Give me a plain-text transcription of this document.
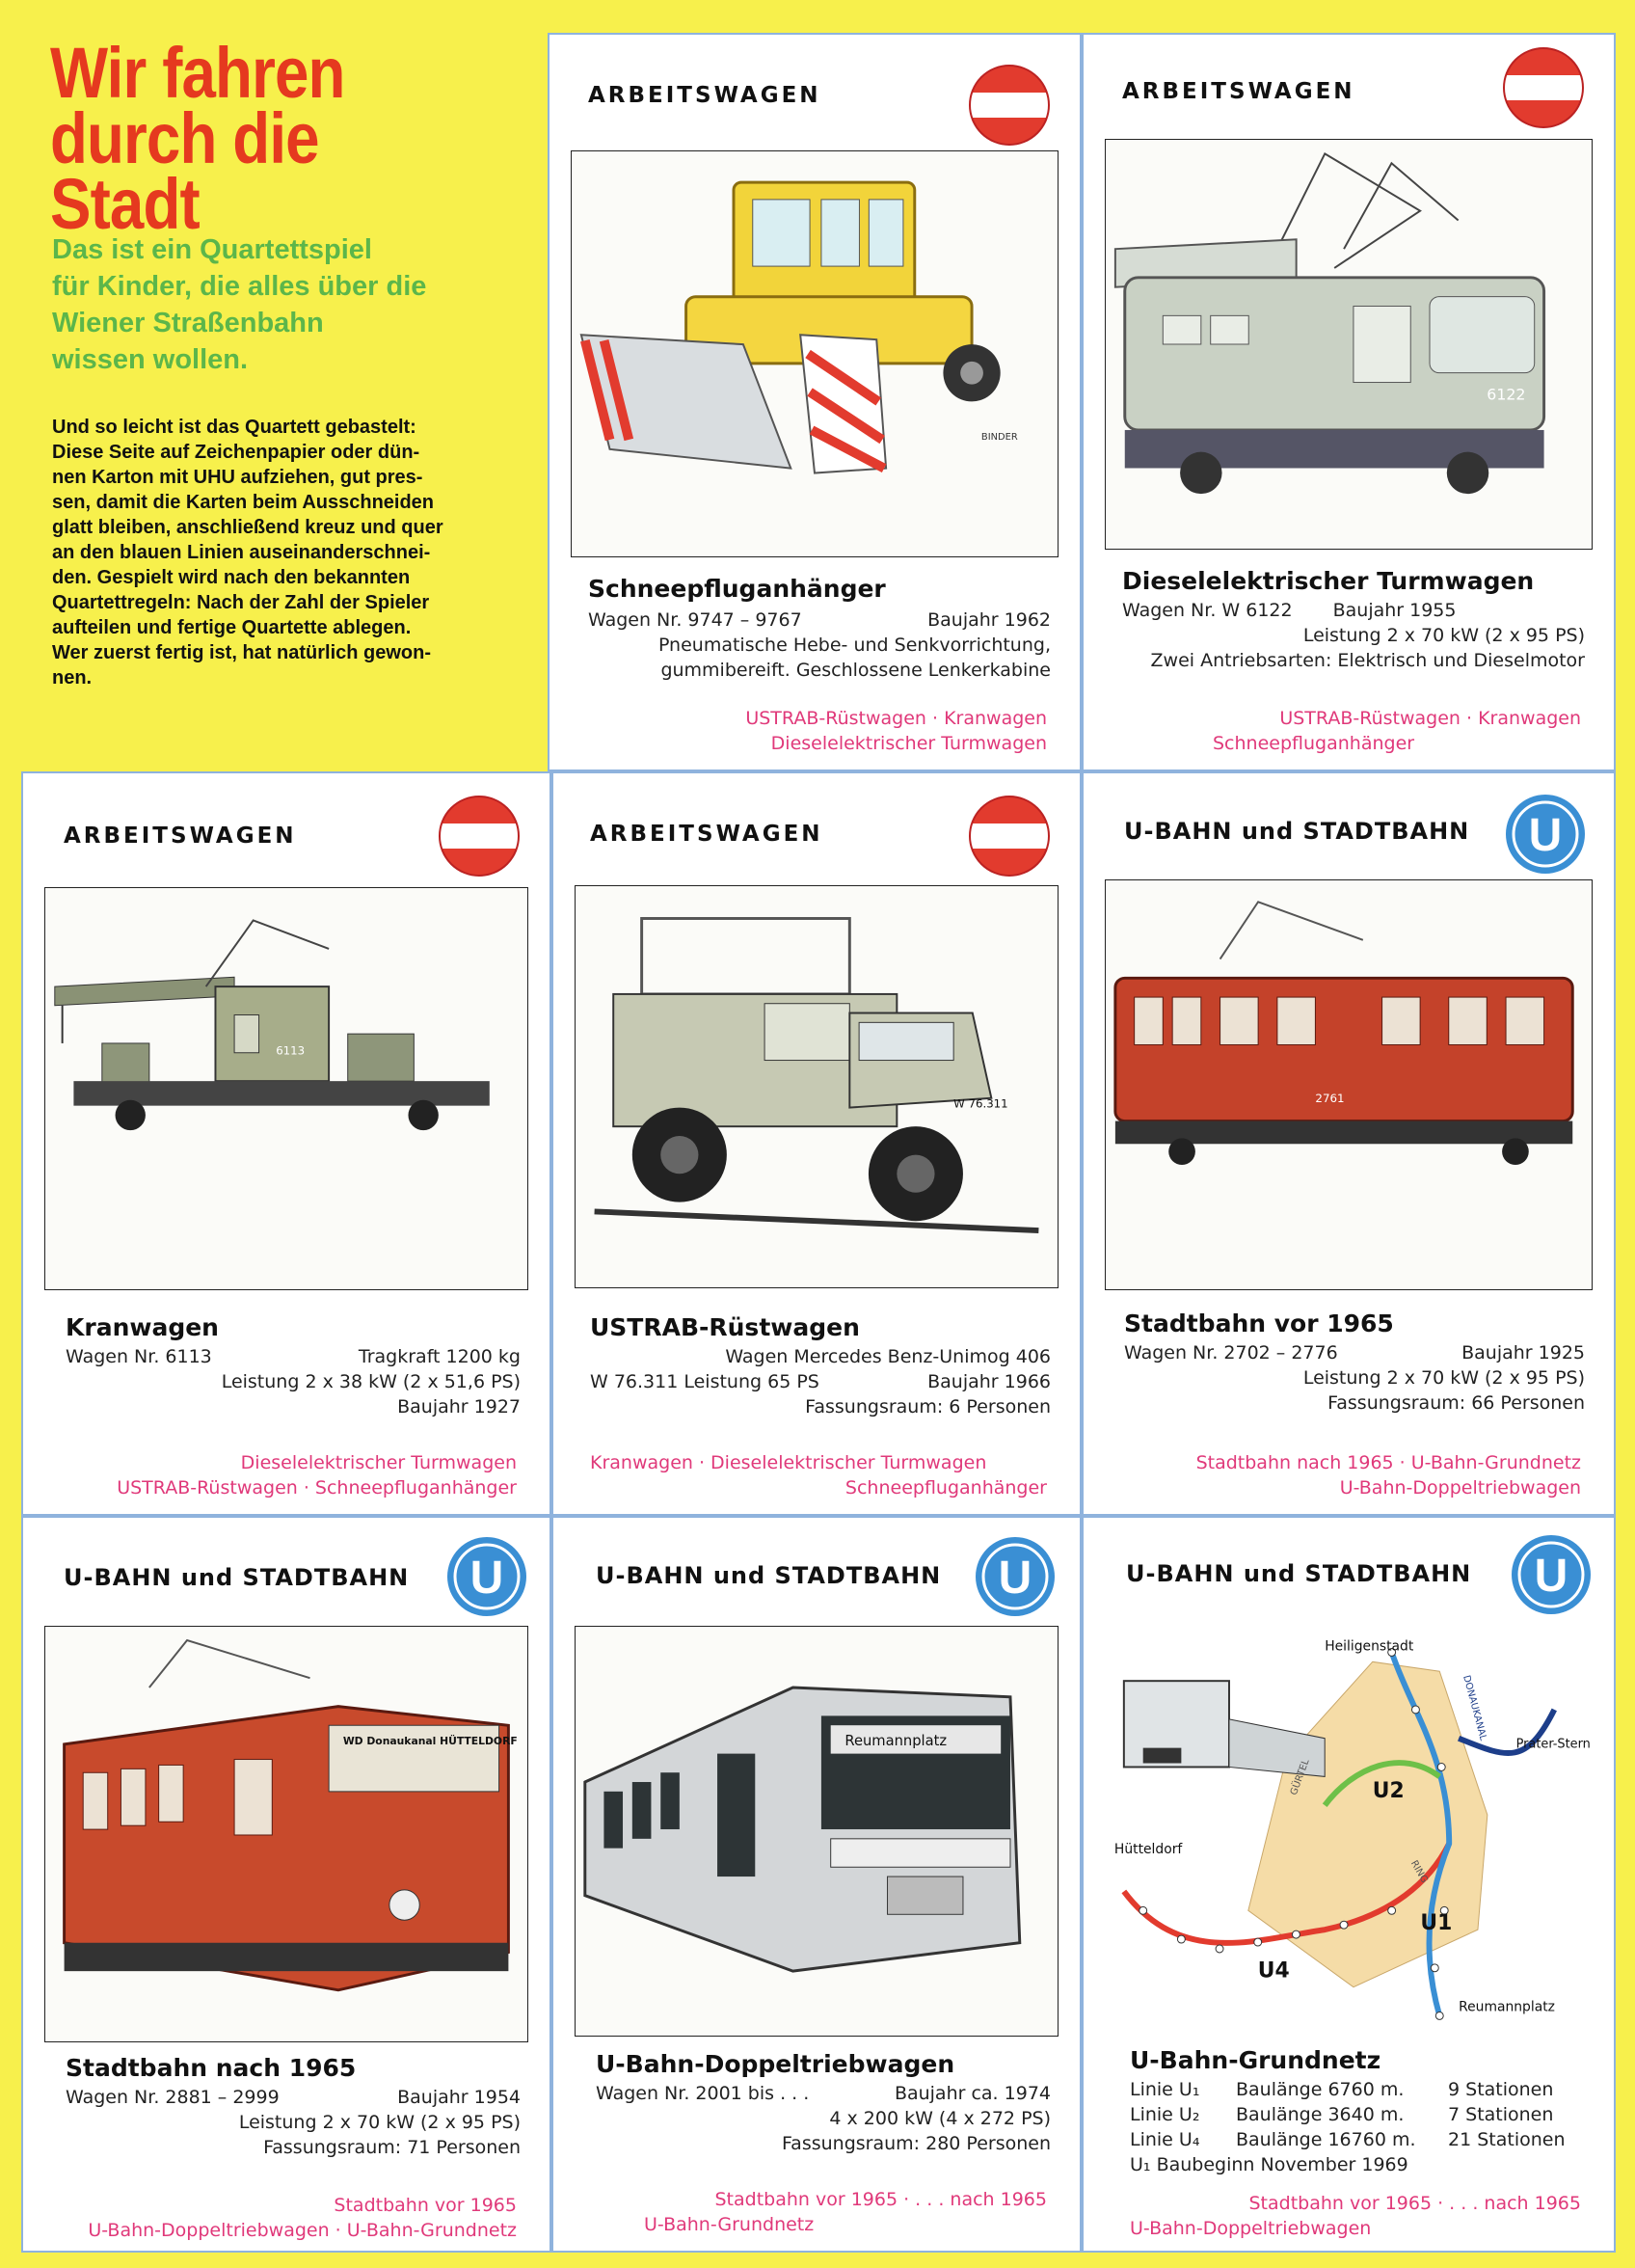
Wir fahren
durch die Stadt
Das ist ein Quartettspiel
für Kinder, die alles über die
Wiener Straßenbahn
wissen wollen.
Und so leicht ist das Quartett gebastelt:
Diese Seite auf Zeichenpapier oder dün-
nen Karton mit UHU aufziehen, gut pres-
sen, damit die Karten beim Ausschneiden
glatt bleiben, anschließend kreuz und quer
an den blauen Linien auseinanderschnei-
den. Gespielt wird nach den bekannten
Quartettregeln: Nach der Zahl der Spieler
aufteilen und fertige Quartette ablegen.
Wer zuerst fertig ist, hat natürlich gewon-
nen.
ARBEITSWAGEN
BINDER
Schneepfluganhänger
Wagen Nr. 9747 – 9767	Baujahr 1962
Pneumatische Hebe- und Senkvorrichtung,
gummibereift. Geschlossene Lenkerkabine
USTRAB-Rüstwagen · Kranwagen
Dieselelektrischer Turmwagen
ARBEITSWAGEN
6122
Dieselelektrischer Turmwagen
Wagen Nr. W 6122 Baujahr 1955
Leistung 2 x 70 kW (2 x 95 PS)
Zwei Antriebsarten: Elektrisch und Dieselmotor
USTRAB-Rüstwagen · Kranwagen
Schneepfluganhänger
ARBEITSWAGEN
6113
Kranwagen
Wagen Nr. 6113	Tragkraft 1200 kg
Leistung 2 x 38 kW (2 x 51,6 PS)
Baujahr 1927
Dieselelektrischer Turmwagen
USTRAB-Rüstwagen · Schneepfluganhänger
ARBEITSWAGEN
W 76.311
USTRAB-Rüstwagen
Wagen Mercedes Benz-Unimog 406
W 76.311 Leistung 65 PS	Baujahr 1966
Fassungsraum: 6 Personen
Kranwagen · Dieselelektrischer Turmwagen
Schneepfluganhänger
U-BAHN und STADTBAHN U
2761
Stadtbahn vor 1965
Wagen Nr. 2702 – 2776	Baujahr 1925
Leistung 2 x 70 kW (2 x 95 PS)
Fassungsraum: 66 Personen
Stadtbahn nach 1965 · U-Bahn-Grundnetz
U-Bahn-Doppeltriebwagen
U-BAHN und STADTBAHN U
WD Donaukanal HÜTTELDORF
Stadtbahn nach 1965
Wagen Nr. 2881 – 2999	Baujahr 1954
Leistung 2 x 70 kW (2 x 95 PS)
Fassungsraum: 71 Personen
Stadtbahn vor 1965
U-Bahn-Doppeltriebwagen · U-Bahn-Grundnetz
U-BAHN und STADTBAHN U
Reumannplatz
U-Bahn-Doppeltriebwagen
Wagen Nr. 2001 bis . . .	Baujahr ca. 1974
4 x 200 kW (4 x 272 PS)
Fassungsraum: 280 Personen
Stadtbahn vor 1965 · . . . nach 1965
U-Bahn-Grundnetz
U-BAHN und STADTBAHN U
Heiligenstadt
Prater-Stern
Hütteldorf
Reumannplatz
U1
U2
U4
GÜRTEL
RING
DONAUKANAL
U-Bahn-Grundnetz
Linie U₁	Baulänge 6760 m.	9 Stationen
Linie U₂	Baulänge 3640 m.	7 Stationen
Linie U₄	Baulänge 16760 m.	21 Stationen
U₁ Baubeginn November 1969
Stadtbahn vor 1965 · . . . nach 1965
U-Bahn-Doppeltriebwagen
